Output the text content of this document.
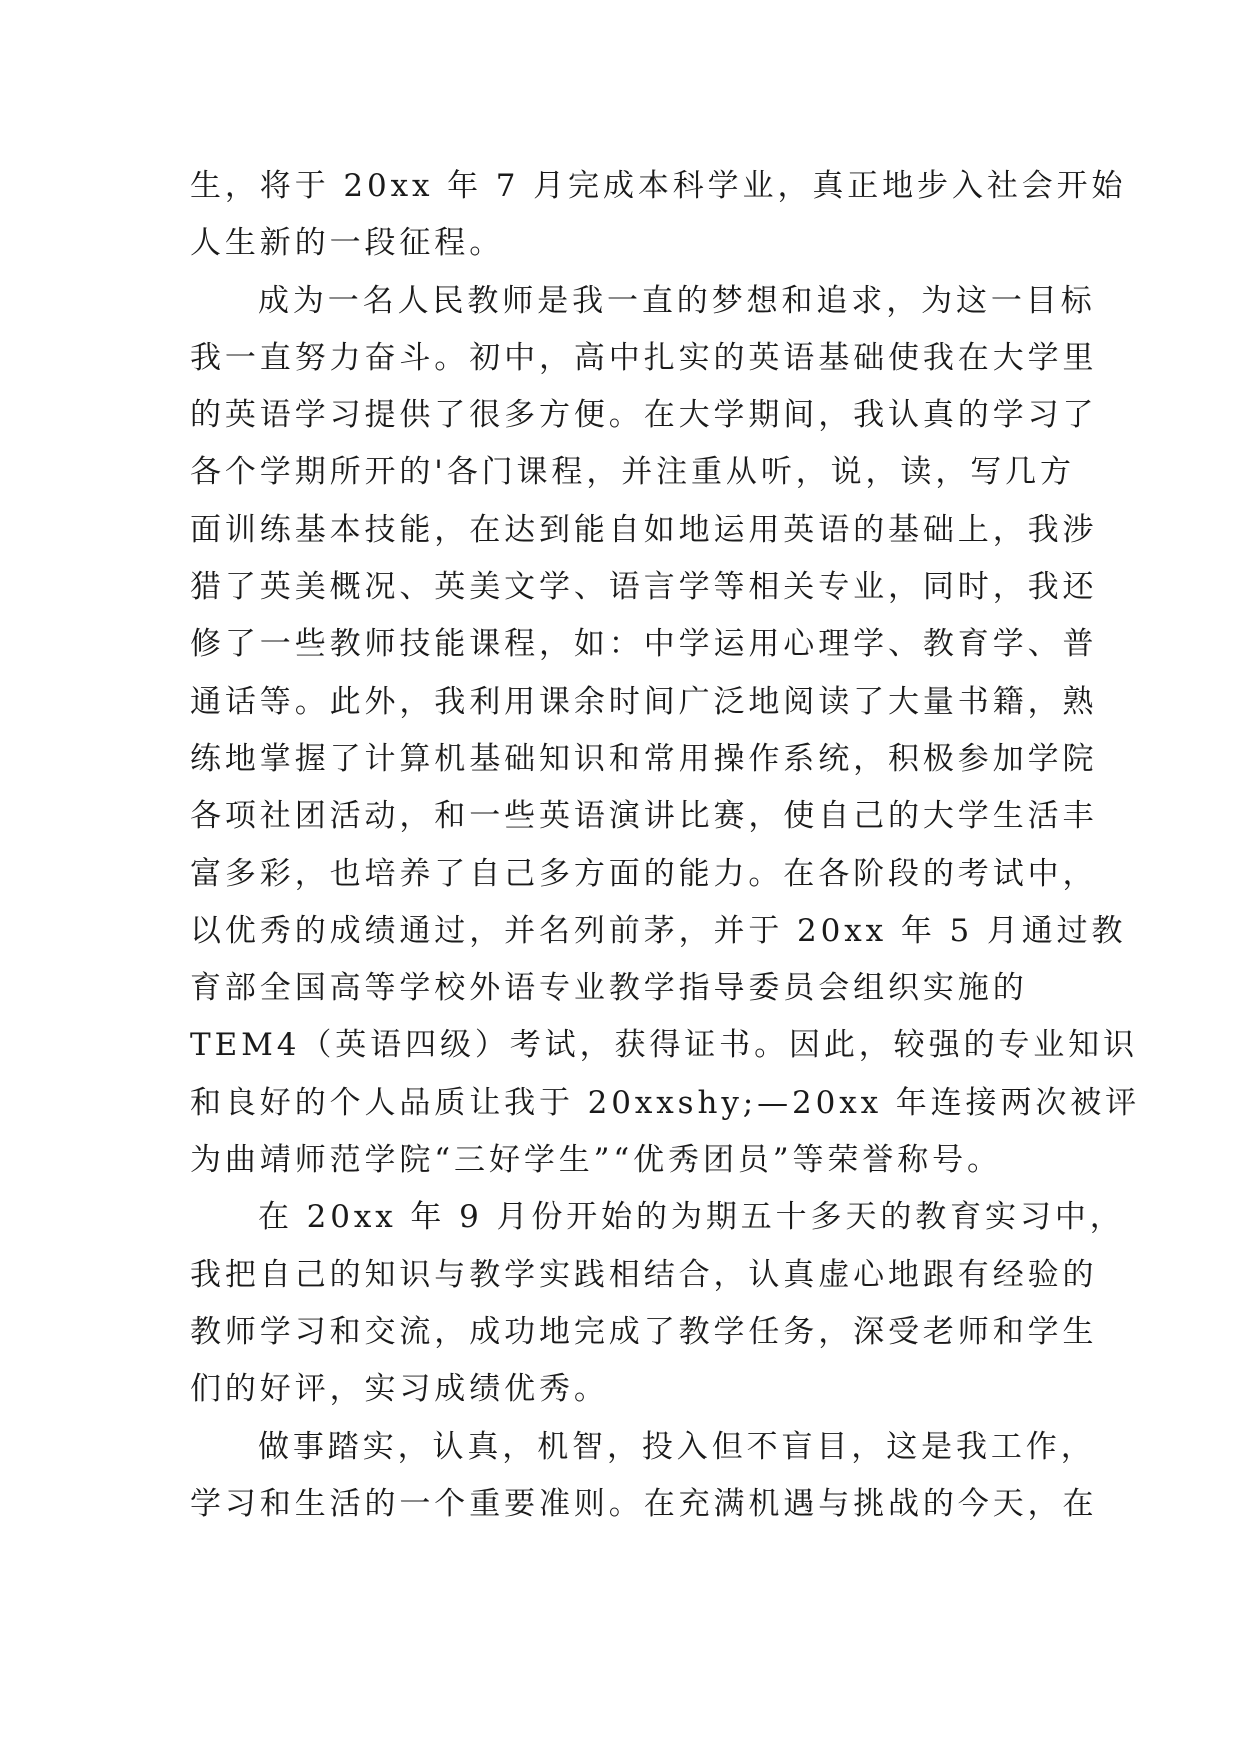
生，将于 20xx 年 7 月完成本科学业，真正地步入社会开始
人生新的一段征程。
成为一名人民教师是我一直的梦想和追求，为这一目标
我一直努力奋斗。初中，高中扎实的英语基础使我在大学里
的英语学习提供了很多方便。在大学期间，我认真的学习了
各个学期所开的'各门课程，并注重从听，说，读，写几方
面训练基本技能，在达到能自如地运用英语的基础上，我涉
猎了英美概况、英美文学、语言学等相关专业，同时，我还
修了一些教师技能课程，如：中学运用心理学、教育学、普
通话等。此外，我利用课余时间广泛地阅读了大量书籍，熟
练地掌握了计算机基础知识和常用操作系统，积极参加学院
各项社团活动，和一些英语演讲比赛，使自己的大学生活丰
富多彩，也培养了自己多方面的能力。在各阶段的考试中，
以优秀的成绩通过，并名列前茅，并于 20xx 年 5 月通过教
育部全国高等学校外语专业教学指导委员会组织实施的
TEM4（英语四级）考试，获得证书。因此，较强的专业知识
和良好的个人品质让我于 20xxshy;—20xx 年连接两次被评
为曲靖师范学院“三好学生”“优秀团员”等荣誉称号。
在 20xx 年 9 月份开始的为期五十多天的教育实习中，
我把自己的知识与教学实践相结合，认真虚心地跟有经验的
教师学习和交流，成功地完成了教学任务，深受老师和学生
们的好评，实习成绩优秀。
做事踏实，认真，机智，投入但不盲目，这是我工作，
学习和生活的一个重要准则。在充满机遇与挑战的今天，在
